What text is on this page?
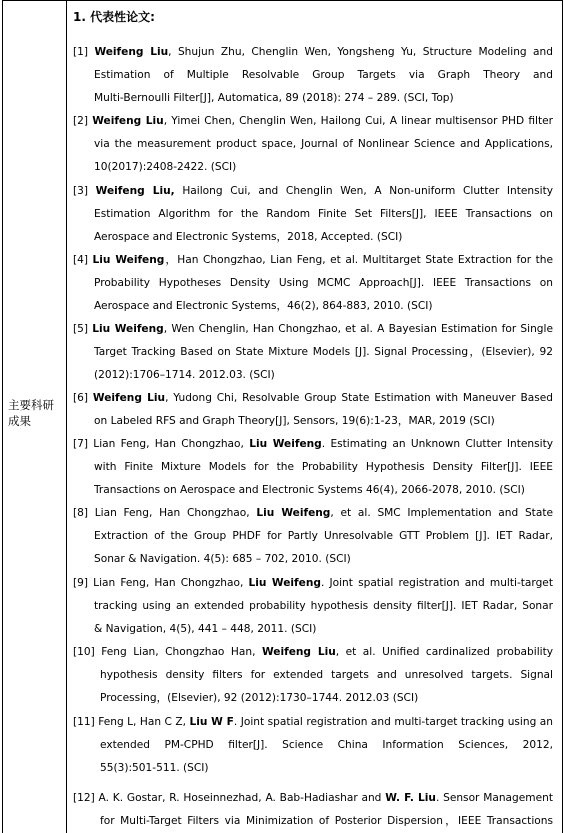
主要科研成果
1. 代表性论文:
[1] Weifeng Liu, Shujun Zhu, Chenglin Wen, Yongsheng Yu, Structure Modeling and
Estimation of Multiple Resolvable Group Targets via Graph Theory and
Multi-Bernoulli Filter[J], Automatica, 89 (2018): 274 – 289. (SCI, Top)
[2] Weifeng Liu, Yimei Chen, Chenglin Wen, Hailong Cui, A linear multisensor PHD filter
via the measurement product space, Journal of Nonlinear Science and Applications,
10(2017):2408-2422. (SCI)
[3] Weifeng Liu, Hailong Cui, and Chenglin Wen, A Non-uniform Clutter Intensity
Estimation Algorithm for the Random Finite Set Filters[J], IEEE Transactions on
Aerospace and Electronic Systems，2018, Accepted. (SCI)
[4] Liu Weifeng，Han Chongzhao, Lian Feng, et al. Multitarget State Extraction for the
Probability Hypotheses Density Using MCMC Approach[J]. IEEE Transactions on
Aerospace and Electronic Systems，46(2), 864-883, 2010. (SCI)
[5] Liu Weifeng, Wen Chenglin, Han Chongzhao, et al. A Bayesian Estimation for Single
Target Tracking Based on State Mixture Models [J]. Signal Processing，(Elsevier), 92
(2012):1706–1714. 2012.03. (SCI)
[6] Weifeng Liu, Yudong Chi, Resolvable Group State Estimation with Maneuver Based
on Labeled RFS and Graph Theory[J], Sensors, 19(6):1-23，MAR, 2019 (SCI)
[7] Lian Feng, Han Chongzhao, Liu Weifeng. Estimating an Unknown Clutter Intensity
with Finite Mixture Models for the Probability Hypothesis Density Filter[J]. IEEE
Transactions on Aerospace and Electronic Systems 46(4), 2066-2078, 2010. (SCI)
[8] Lian Feng, Han Chongzhao, Liu Weifeng, et al. SMC Implementation and State
Extraction of the Group PHDF for Partly Unresolvable GTT Problem [J]. IET Radar,
Sonar & Navigation. 4(5): 685 – 702, 2010. (SCI)
[9] Lian Feng, Han Chongzhao, Liu Weifeng. Joint spatial registration and multi-target
tracking using an extended probability hypothesis density filter[J]. IET Radar, Sonar
& Navigation, 4(5), 441 – 448, 2011. (SCI)
[10] Feng Lian, Chongzhao Han, Weifeng Liu, et al. Unified cardinalized probability
hypothesis density filters for extended targets and unresolved targets. Signal
Processing，(Elsevier), 92 (2012):1730–1744. 2012.03 (SCI)
[11] Feng L, Han C Z, Liu W F. Joint spatial registration and multi-target tracking using an
extended PM-CPHD filter[J]. Science China Information Sciences, 2012,
55(3):501-511. (SCI)
[12] A. K. Gostar, R. Hoseinnezhad, A. Bab-Hadiashar and W. F. Liu. Sensor Management
for Multi-Target Filters via Minimization of Posterior Dispersion，IEEE Transactions
